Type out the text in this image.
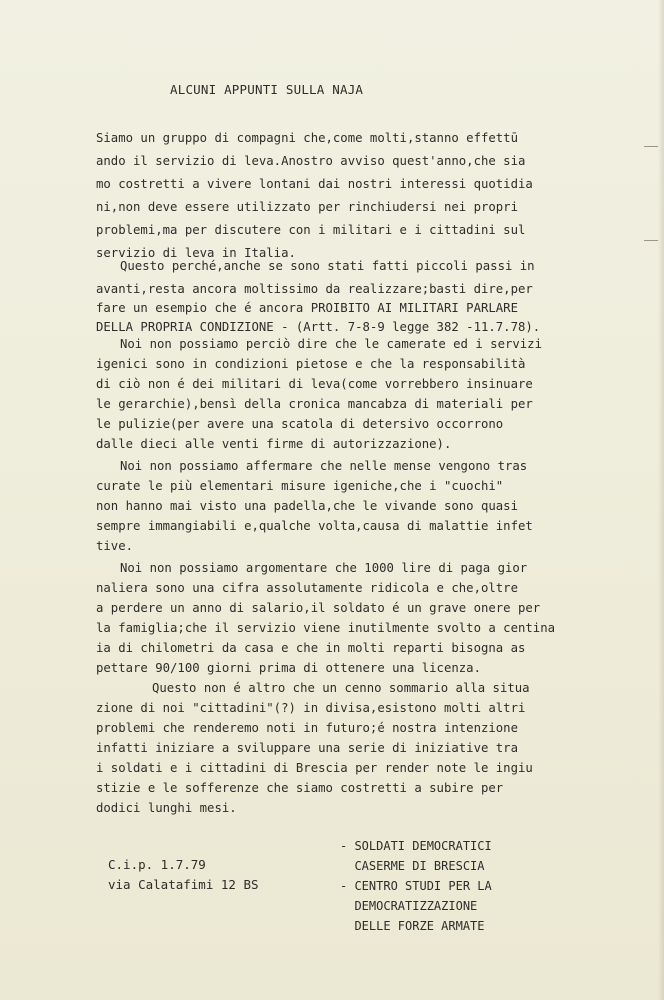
ALCUNI APPUNTI SULLA NAJA
Siamo un gruppo di compagni che,come molti,stanno effettū
ando il servizio di leva.Anostro avviso quest'anno,che sia
mo costretti a vivere lontani dai nostri interessi quotidia
ni,non deve essere utilizzato per rinchiudersi nei propri
problemi,ma per discutere con i militari e i cittadini sul
servizio di leva in Italia.
Questo perché,anche se sono stati fatti piccoli passi in
avanti,resta ancora moltissimo da realizzare;basti dire,per
fare un esempio che é ancora PROIBITO AI MILITARI PARLARE
DELLA PROPRIA CONDIZIONE - (Artt. 7-8-9 legge 382 -11.7.78).
Noi non possiamo perciò dire che le camerate ed i servizi
igenici sono in condizioni pietose e che la responsabilità
di ciò non é dei militari di leva(come vorrebbero insinuare
le gerarchie),bensì della cronica mancabza di materiali per
le pulizie(per avere una scatola di detersivo occorrono
dalle dieci alle venti firme di autorizzazione).
Noi non possiamo affermare che nelle mense vengono tras
curate le più elementari misure igeniche,che i "cuochi"
non hanno mai visto una padella,che le vivande sono quasi
sempre immangiabili e,qualche volta,causa di malattie infet
tive.
Noi non possiamo argomentare che 1000 lire di paga gior
naliera sono una cifra assolutamente ridicola e che,oltre
a perdere un anno di salario,il soldato é un grave onere per
la famiglia;che il servizio viene inutilmente svolto a centina
ia di chilometri da casa e che in molti reparti bisogna as
pettare 90/100 giorni prima di ottenere una licenza.
Questo non é altro che un cenno sommario alla situa
zione di noi "cittadini"(?) in divisa,esistono molti altri
problemi che renderemo noti in futuro;é nostra intenzione
infatti iniziare a sviluppare una serie di iniziative tra
i soldati e i cittadini di Brescia per render note le ingiu
stizie e le sofferenze che siamo costretti a subire per
dodici lunghi mesi.
C.i.p. 1.7.79
via Calatafimi 12 BS
- SOLDATI DEMOCRATICI
CASERME DI BRESCIA
- CENTRO STUDI PER LA
DEMOCRATIZZAZIONE
DELLE FORZE ARMATE
